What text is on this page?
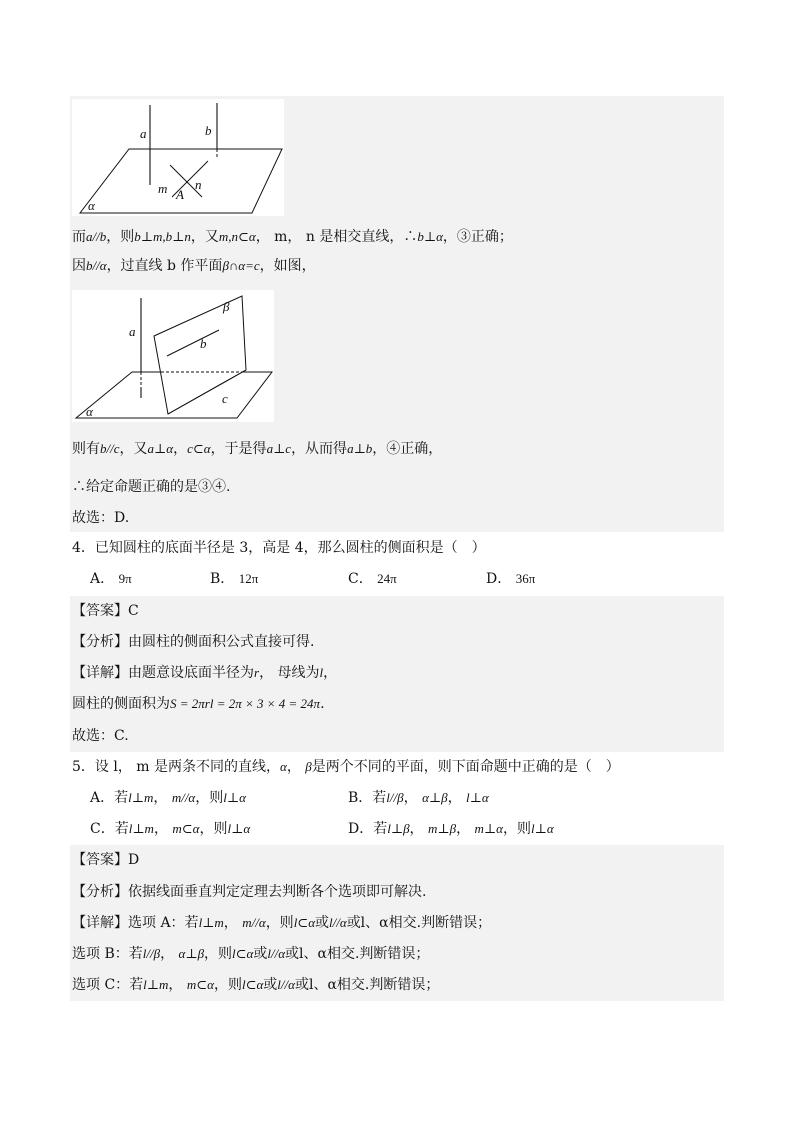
a	b
m n
A
α
而a//b，则b⊥m,b⊥n，又m,n⊂α， m， n 是相交直线，∴b⊥α，③正确；
因b//α，过直线 b 作平面β∩α=c，如图，
a
b
c
β
α
则有b//c，又a⊥α，c⊂α，于是得a⊥c，从而得a⊥b，④正确，
∴给定命题正确的是③④.
故选：D.
4．已知圆柱的底面半径是 3，高是 4，那么圆柱的侧面积是（　）
A． 9π	B． 12π	C． 24π	D． 36π
【答案】C
【分析】由圆柱的侧面积公式直接可得.
【详解】由题意设底面半径为r， 母线为l，
圆柱的侧面积为S = 2πrl = 2π × 3 × 4 = 24π.
故选：C.
5．设 l， m 是两条不同的直线，α， β是两个不同的平面，则下面命题中正确的是（　）
A．若l⊥m， m//α，则l⊥α	B．若l//β， α⊥β， l⊥α
C．若l⊥m， m⊂α，则l⊥α	D．若l⊥β， m⊥β， m⊥α，则l⊥α
【答案】D
【分析】依据线面垂直判定定理去判断各个选项即可解决.
【详解】选项 A：若l⊥m， m//α，则l⊂α或l//α或l、α相交.判断错误；
选项 B：若l//β， α⊥β，则l⊂α或l//α或l、α相交.判断错误；
选项 C：若l⊥m， m⊂α，则l⊂α或l//α或l、α相交.判断错误；
